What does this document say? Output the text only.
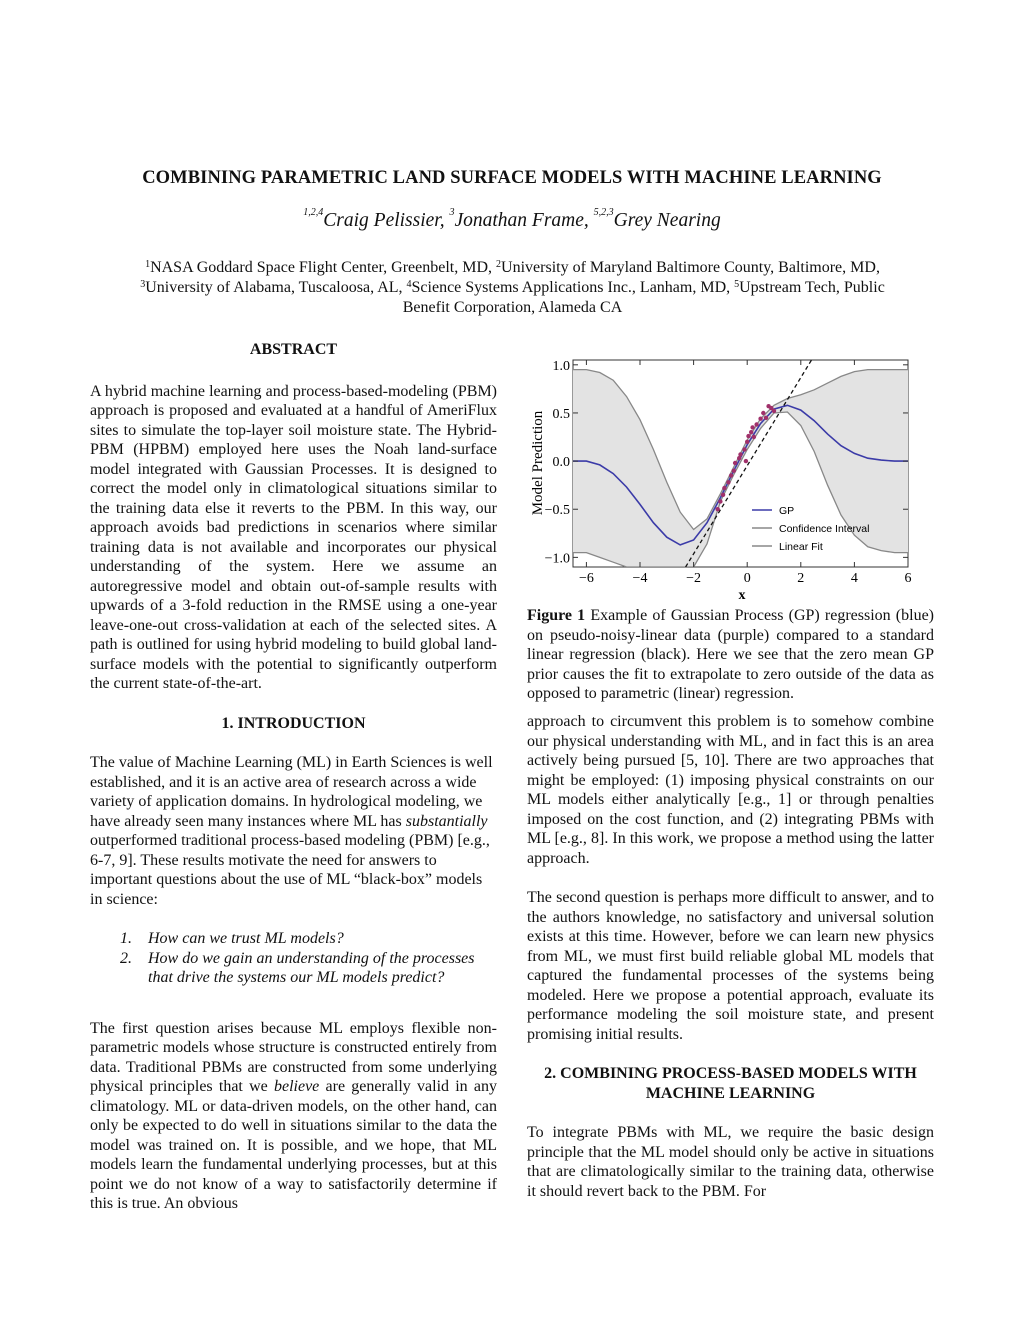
COMBINING PARAMETRIC LAND SURFACE MODELS WITH MACHINE LEARNING
$^{1,2,4}$Craig Pelissier, $^3$Jonathan Frame, $^{5,2,3}$Grey Nearing
$^1$NASA Goddard Space Flight Center, Greenbelt, MD, $^2$University of Maryland Baltimore County, Baltimore, MD,
$^3$University of Alabama, Tuscaloosa, AL, $^4$Science Systems Applications Inc., Lanham, MD, $^5$Upstream Tech, Public
Benefit Corporation, Alameda CA

ABSTRACT

A hybrid machine learning and process-based-modeling (PBM) approach is proposed and evaluated at a handful of AmeriFlux sites to simulate the top-layer soil moisture state. The Hybrid-PBM (HPBM) employed here uses the Noah land-surface model integrated with Gaussian Processes. It is designed to correct the model only in climatological situations similar to the training data else it reverts to the PBM. In this way, our approach avoids bad predictions in scenarios where similar training data is not available and incorporates our physical understanding of the system. Here we assume an autoregressive model and obtain out-of-sample results with upwards of a 3-fold reduction in the RMSE using a one-year leave-one-out cross-validation at each of the selected sites. A path is outlined for using hybrid modeling to build global land-surface models with the potential to significantly outperform the current state-of-the-art.

1. INTRODUCTION

The value of Machine Learning (ML) in Earth Sciences is well established, and it is an active area of research across a wide variety of application domains. In hydrological modeling, we have already seen many instances where ML has substantially outperformed traditional process-based modeling (PBM) [e.g., 6-7, 9]. These results motivate the need for answers to important questions about the use of ML “black-box” models in science:

1.	How can we trust ML models?
2.	How do we gain an understanding of the processes that drive the systems our ML models predict?

The first question arises because ML employs flexible non-parametric models whose structure is constructed entirely from data. Traditional PBMs are constructed from some underlying physical principles that we believe are generally valid in any climatology. ML or data-driven models, on the other hand, can only be expected to do well in situations similar to the data the model was trained on. It is possible, and we hope, that ML models learn the fundamental underlying processes, but at this point we do not know of a way to satisfactorily determine if this is true. An obvious

−6	−4	−2	0	2	4	6
1.0
0.5
0.0
−0.5
−1.0
GP
Confidence Interval
Linear Fit
Model Prediction
x
Figure 1 Example of Gaussian Process (GP) regression (blue) on pseudo-noisy-linear data (purple) compared to a standard linear regression (black). Here we see that the zero mean GP prior causes the fit to extrapolate to zero outside of the data as opposed to parametric (linear) regression.

approach to circumvent this problem is to somehow combine our physical understanding with ML, and in fact this is an area actively being pursued [5, 10]. There are two approaches that might be employed: (1) imposing physical constraints on our ML models either analytically [e.g., 1] or through penalties imposed on the cost function, and (2) integrating PBMs with ML [e.g., 8]. In this work, we propose a method using the latter approach.

The second question is perhaps more difficult to answer, and to the authors knowledge, no satisfactory and universal solution exists at this time. However, before we can learn new physics from ML, we must first build reliable global ML models that captured the fundamental processes of the systems being modeled. Here we propose a potential approach, evaluate its performance modeling the soil moisture state, and present promising initial results.

2. COMBINING PROCESS-BASED MODELS WITH
MACHINE LEARNING

To integrate PBMs with ML, we require the basic design principle that the ML model should only be active in situations that are climatologically similar to the training data, otherwise it should revert back to the PBM. For
